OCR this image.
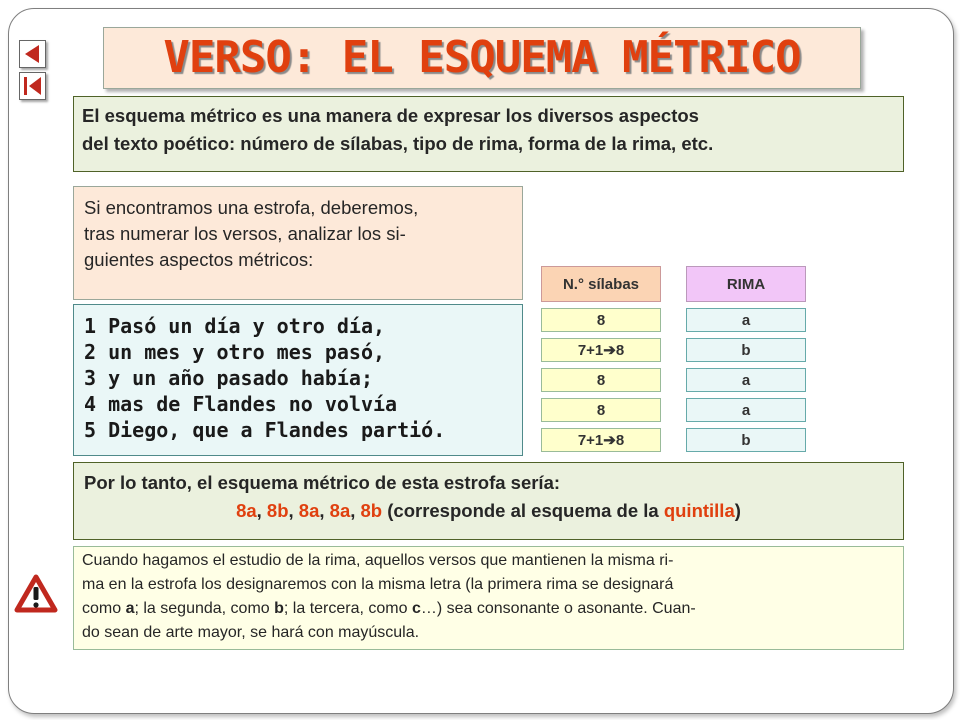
VERSO: EL ESQUEMA MÉTRICO
El esquema métrico es una manera de expresar los diversos aspectos
del texto poético: número de sílabas, tipo de rima, forma de la rima, etc.
Si encontramos una estrofa, deberemos,
tras numerar los versos, analizar los si-
guientes aspectos métricos:
1 Pasó un día y otro día,
2 un mes y otro mes pasó,
3 y un año pasado había;
4 mas de Flandes no volvía
5 Diego, que a Flandes partió.
N.° sílabas
8
7+1➔8
8
8
7+1➔8
RIMA
a
b
a
a
b
Por lo tanto, el esquema métrico de esta estrofa sería:
8a, 8b, 8a, 8a, 8b (corresponde al esquema de la quintilla)
Cuando hagamos el estudio de la rima, aquellos versos que mantienen la misma ri-
ma en la estrofa los designaremos con la misma letra (la primera rima se designará
como a; la segunda, como b; la tercera, como c…) sea consonante o asonante. Cuan-
do sean de arte mayor, se hará con mayúscula.
